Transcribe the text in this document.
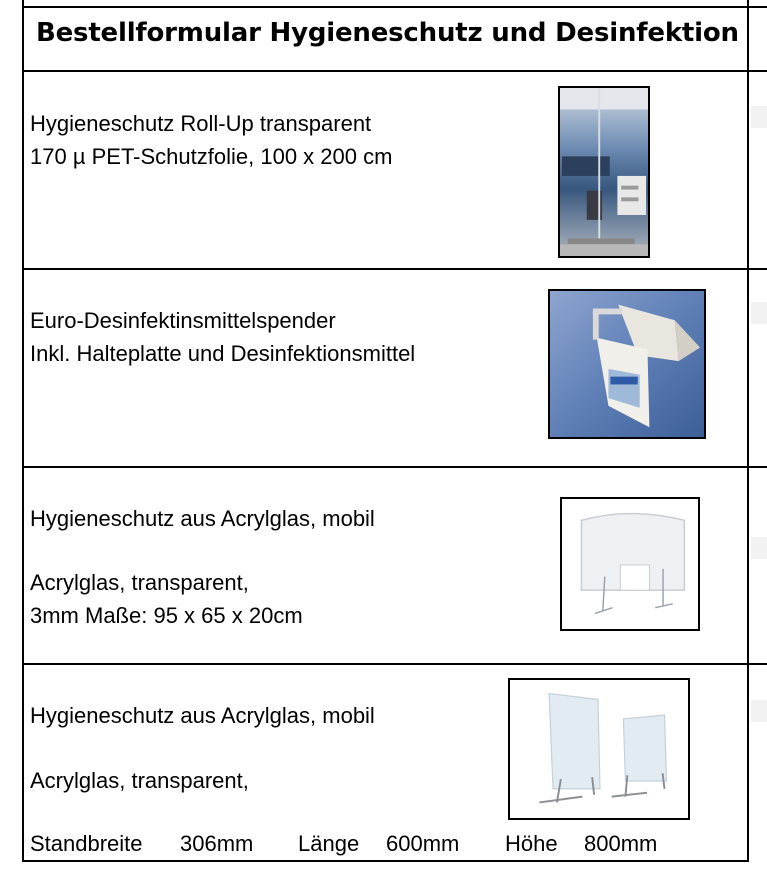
Bestellformular Hygieneschutz und Desinfektion
Hygieneschutz Roll-Up transparent
170 µ PET-Schutzfolie, 100 x 200 cm
Euro-Desinfektinsmittelspender
Inkl. Halteplatte und Desinfektionsmittel
Hygieneschutz aus Acrylglas, mobil
Acrylglas, transparent,
3mm Maße: 95 x 65 x 20cm
Hygieneschutz aus Acrylglas, mobil
Acrylglas, transparent,
Standbreite 306mm Länge 600mm Höhe 800mm
